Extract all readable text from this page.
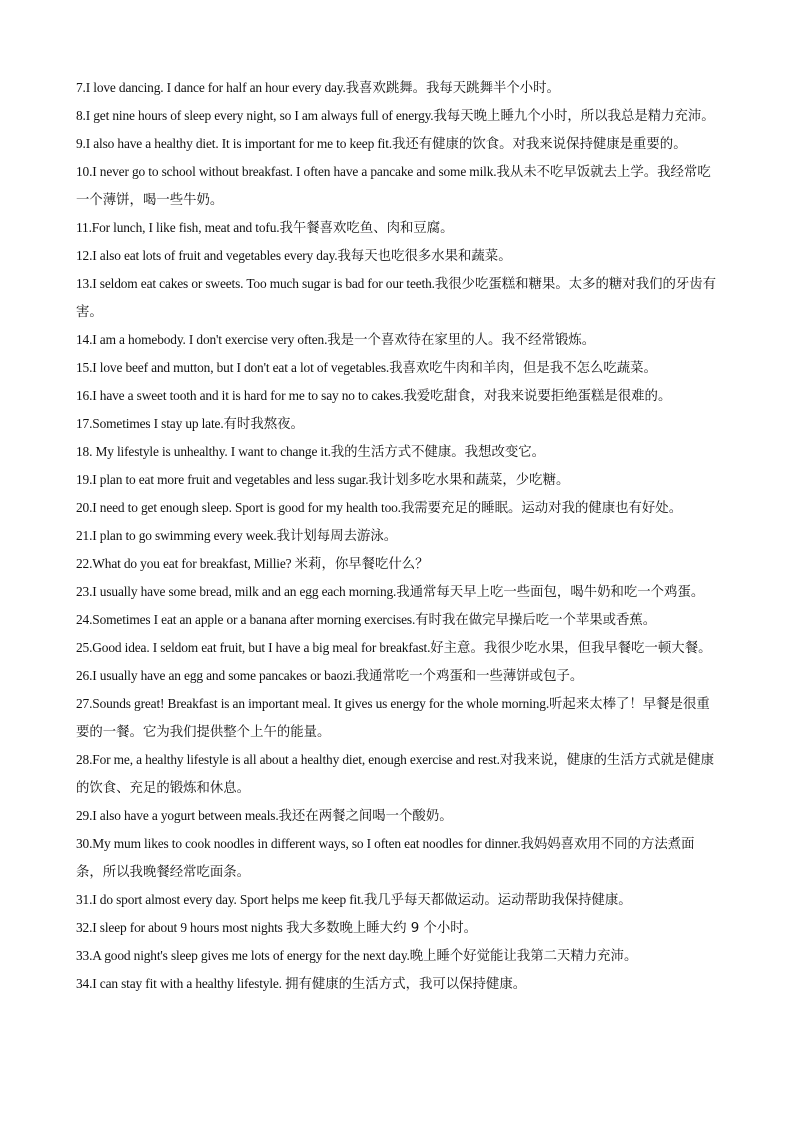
7.I love dancing. I dance for half an hour every day.我喜欢跳舞。我每天跳舞半个小时。

8.I get nine hours of sleep every night, so I am always full of energy.我每天晚上睡九个小时，所以我总是精力充沛。

9.I also have a healthy diet. It is important for me to keep fit.我还有健康的饮食。对我来说保持健康是重要的。

10.I never go to school without breakfast. I often have a pancake and some milk.我从未不吃早饭就去上学。我经常吃一个薄饼，喝一些牛奶。

11.For lunch, I like fish, meat and tofu.我午餐喜欢吃鱼、肉和豆腐。

12.I also eat lots of fruit and vegetables every day.我每天也吃很多水果和蔬菜。

13.I seldom eat cakes or sweets. Too much sugar is bad for our teeth.我很少吃蛋糕和糖果。太多的糖对我们的牙齿有害。

14.I am a homebody. I don't exercise very often.我是一个喜欢待在家里的人。我不经常锻炼。

15.I love beef and mutton, but I don't eat a lot of vegetables.我喜欢吃牛肉和羊肉，但是我不怎么吃蔬菜。

16.I have a sweet tooth and it is hard for me to say no to cakes.我爱吃甜食，对我来说要拒绝蛋糕是很难的。

17.Sometimes I stay up late.有时我熬夜。

18. My lifestyle is unhealthy. I want to change it.我的生活方式不健康。我想改变它。

19.I plan to eat more fruit and vegetables and less sugar.我计划多吃水果和蔬菜，少吃糖。

20.I need to get enough sleep. Sport is good for my health too.我需要充足的睡眠。运动对我的健康也有好处。

21.I plan to go swimming every week.我计划每周去游泳。

22.What do you eat for breakfast, Millie? 米莉，你早餐吃什么？

23.I usually have some bread, milk and an egg each morning.我通常每天早上吃一些面包，喝牛奶和吃一个鸡蛋。

24.Sometimes I eat an apple or a banana after morning exercises.有时我在做完早操后吃一个苹果或香蕉。

25.Good idea. I seldom eat fruit, but I have a big meal for breakfast.好主意。我很少吃水果，但我早餐吃一顿大餐。

26.I usually have an egg and some pancakes or baozi.我通常吃一个鸡蛋和一些薄饼或包子。

27.Sounds great! Breakfast is an important meal. It gives us energy for the whole morning.听起来太棒了！早餐是很重要的一餐。它为我们提供整个上午的能量。

28.For me, a healthy lifestyle is all about a healthy diet, enough exercise and rest.对我来说，健康的生活方式就是健康的饮食、充足的锻炼和休息。

29.I also have a yogurt between meals.我还在两餐之间喝一个酸奶。

30.My mum likes to cook noodles in different ways, so I often eat noodles for dinner.我妈妈喜欢用不同的方法煮面条，所以我晚餐经常吃面条。

31.I do sport almost every day. Sport helps me keep fit.我几乎每天都做运动。运动帮助我保持健康。

32.I sleep for about 9 hours most nights 我大多数晚上睡大约 9 个小时。

33.A good night's sleep gives me lots of energy for the next day.晚上睡个好觉能让我第二天精力充沛。

34.I can stay fit with a healthy lifestyle. 拥有健康的生活方式，我可以保持健康。
